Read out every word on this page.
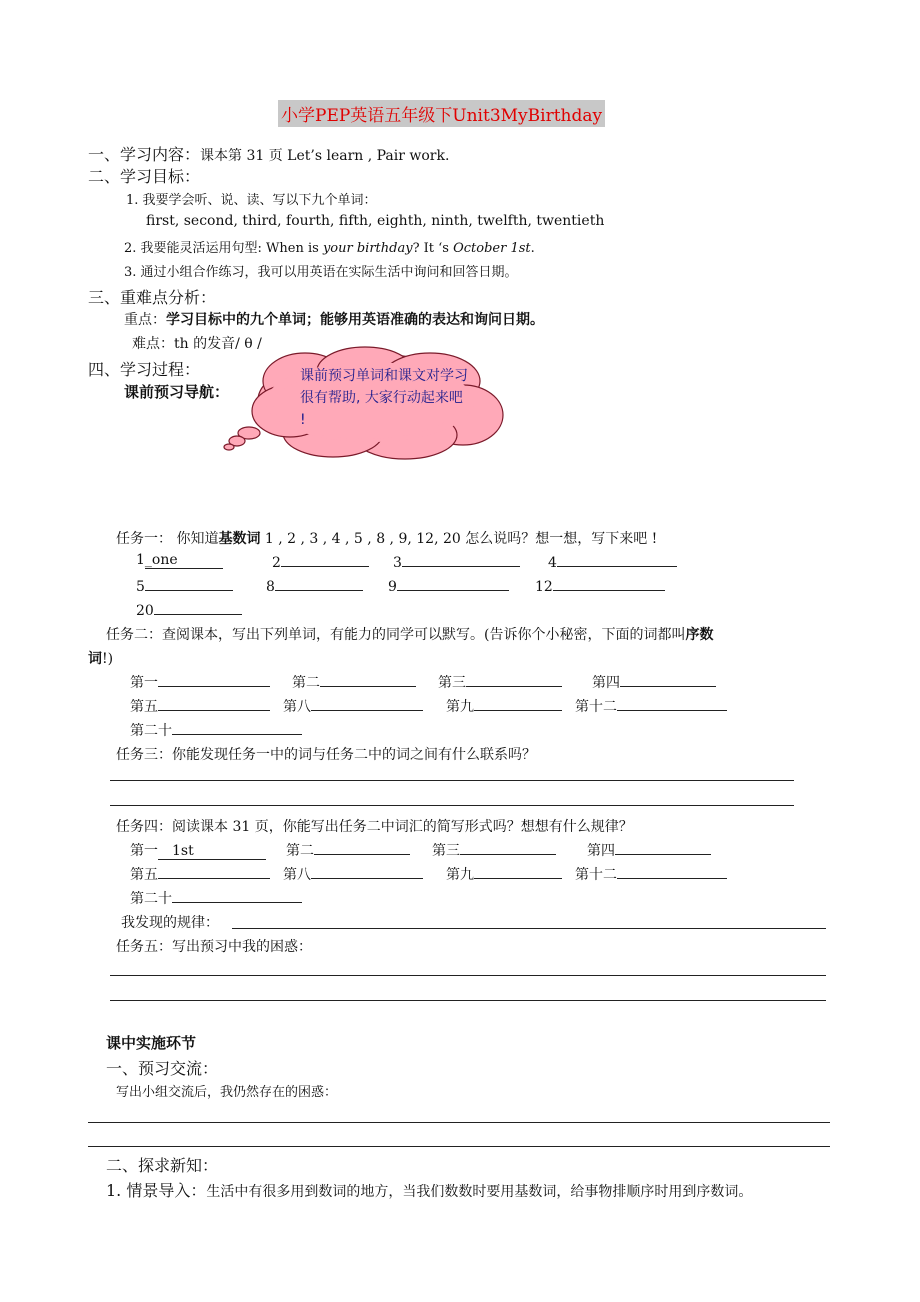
小学PEP英语五年级下Unit3MyBirthday
一、学习内容：课本第 31 页 Let’s learn , Pair work.
二、学习目标：
1. 我要学会听、说、读、写以下九个单词：
first, second, third, fourth, fifth, eighth, ninth, twelfth, twentieth
2. 我要能灵活运用句型: When is your birthday? It ‘s October 1st.
3. 通过小组合作练习，我可以用英语在实际生活中询问和回答日期。
三、重难点分析：
重点：学习目标中的九个单词；能够用英语准确的表达和询问日期。
难点：th 的发音/ θ /
四、学习过程：
课前预习导航：
课前预习单词和课文对学习很有帮助, 大家行动起来吧 !
任务一： 你知道基数词 1 , 2 , 3 , 4 , 5 , 8 , 9, 12, 20 怎么说吗？想一想，写下来吧 !
1_one	2	3	4
5	8	9	12
20
任务二：查阅课本，写出下列单词，有能力的同学可以默写。(告诉你个小秘密，下面的词都叫序数
词!)
第一	第二	第三	第四
第五	第八	第九	第十二
第二十
任务三：你能发现任务一中的词与任务二中的词之间有什么联系吗？
任务四：阅读课本 31 页，你能写出任务二中词汇的简写形式吗？想想有什么规律？
第一 1st	第二	第三	第四
第五	第八	第九	第十二
第二十
我发现的规律：
任务五：写出预习中我的困惑：
课中实施环节
一、预习交流：
写出小组交流后，我仍然存在的困惑：
二、探求新知：
1. 情景导入：生活中有很多用到数词的地方，当我们数数时要用基数词，给事物排顺序时用到序数词。
